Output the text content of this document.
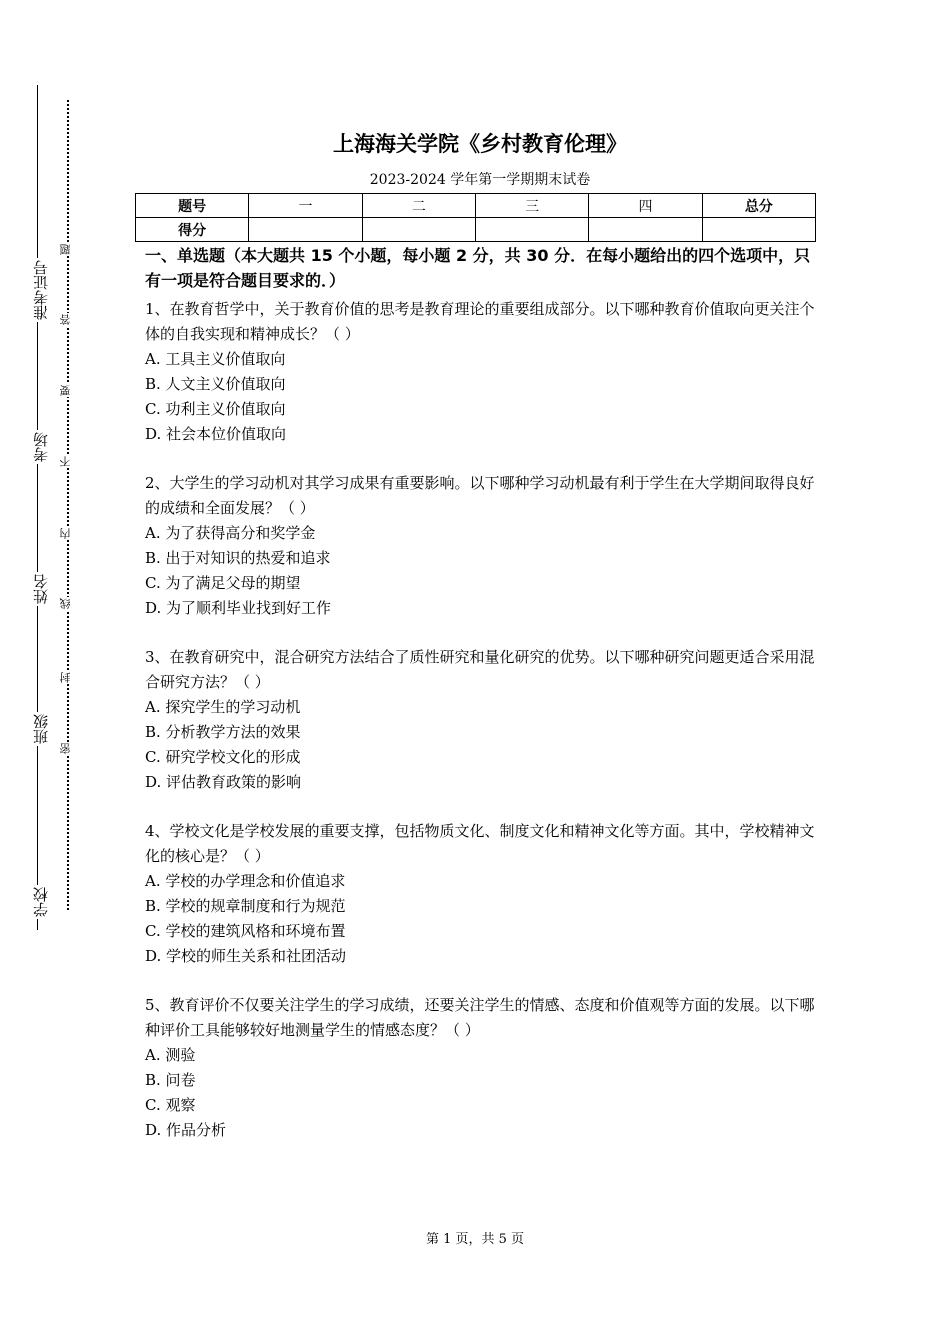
准考证号
考场
姓名
班级
学校
题
答
要
不
内
线
封
密
上海海关学院《乡村教育伦理》
2023-2024 学年第一学期期末试卷
题号	一	二	三	四	总分
得分					

一、单选题（本大题共 15 个小题，每小题 2 分，共 30 分．在每小题给出的四个选项中，只有一项是符合题目要求的．）

1、在教育哲学中，关于教育价值的思考是教育理论的重要组成部分。以下哪种教育价值取向更关注个体的自我实现和精神成长？（ ）

A. 工具主义价值取向

B. 人文主义价值取向

C. 功利主义价值取向

D. 社会本位价值取向

2、大学生的学习动机对其学习成果有重要影响。以下哪种学习动机最有利于学生在大学期间取得良好的成绩和全面发展？（ ）

A. 为了获得高分和奖学金

B. 出于对知识的热爱和追求

C. 为了满足父母的期望

D. 为了顺利毕业找到好工作

3、在教育研究中，混合研究方法结合了质性研究和量化研究的优势。以下哪种研究问题更适合采用混合研究方法？（ ）

A. 探究学生的学习动机

B. 分析教学方法的效果

C. 研究学校文化的形成

D. 评估教育政策的影响

4、学校文化是学校发展的重要支撑，包括物质文化、制度文化和精神文化等方面。其中，学校精神文化的核心是？（ ）

A. 学校的办学理念和价值追求

B. 学校的规章制度和行为规范

C. 学校的建筑风格和环境布置

D. 学校的师生关系和社团活动

5、教育评价不仅要关注学生的学习成绩，还要关注学生的情感、态度和价值观等方面的发展。以下哪种评价工具能够较好地测量学生的情感态度？（ ）

A. 测验

B. 问卷

C. 观察

D. 作品分析

第 1 页，共 5 页
